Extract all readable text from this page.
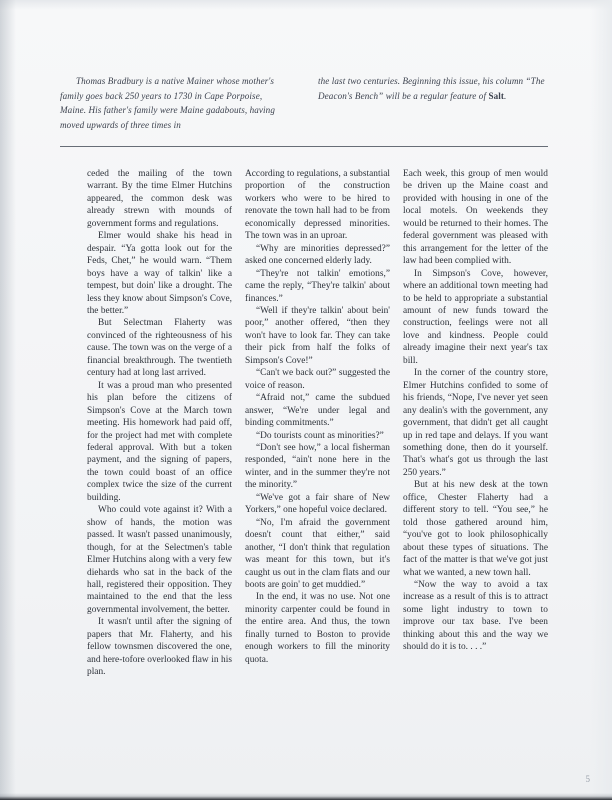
Thomas Bradbury is a native Mainer whose mother's family goes back 250 years to 1730 in Cape Porpoise, Maine. His father's family were Maine gadabouts, having moved upwards of three times in
the last two centuries. Beginning this issue, his column “The Deacon's Bench” will be a regular feature of Salt.

ceded the mailing of the town warrant. By the time Elmer Hutchins appeared, the common desk was already strewn with mounds of government forms and regulations.

Elmer would shake his head in despair. “Ya gotta look out for the Feds, Chet,” he would warn. “Them boys have a way of talkin' like a tempest, but doin' like a drought. The less they know about Simpson's Cove, the better.”

But Selectman Flaherty was convinced of the righteousness of his cause. The town was on the verge of a financial breakthrough. The twentieth century had at long last arrived.

It was a proud man who presented his plan before the citizens of Simpson's Cove at the March town meeting. His homework had paid off, for the project had met with complete federal approval. With but a token payment, and the signing of papers, the town could boast of an office complex twice the size of the current building.

Who could vote against it? With a show of hands, the motion was passed. It wasn't passed unanimously, though, for at the Selectmen's table Elmer Hutchins along with a very few diehards who sat in the back of the hall, registered their opposition. They maintained to the end that the less governmental involvement, the better.

It wasn't until after the signing of papers that Mr. Flaherty, and his fellow townsmen discovered the one, and here-tofore overlooked flaw in his plan.

According to regulations, a substantial proportion of the construction workers who were to be hired to renovate the town hall had to be from economically depressed minorities. The town was in an uproar.

“Why are minorities depressed?” asked one concerned elderly lady.

“They're not talkin' emotions,” came the reply, “They're talkin' about finances.”

“Well if they're talkin' about bein' poor,” another offered, “then they won't have to look far. They can take their pick from half the folks of Simpson's Cove!”

“Can't we back out?” suggested the voice of reason.

“Afraid not,” came the subdued answer, “We're under legal and binding commitments.”

“Do tourists count as minorities?”

“Don't see how,” a local fisherman responded, “ain't none here in the winter, and in the summer they're not the minority.”

“We've got a fair share of New Yorkers,” one hopeful voice declared.

“No, I'm afraid the government doesn't count that either,” said another, “I don't think that regulation was meant for this town, but it's caught us out in the clam flats and our boots are goin' to get muddied.”

In the end, it was no use. Not one minority carpenter could be found in the entire area. And thus, the town finally turned to Boston to provide enough workers to fill the minority quota.

Each week, this group of men would be driven up the Maine coast and provided with housing in one of the local motels. On weekends they would be returned to their homes. The federal government was pleased with this arrangement for the letter of the law had been complied with.

In Simpson's Cove, however, where an additional town meeting had to be held to appropriate a substantial amount of new funds toward the construction, feelings were not all love and kindness. People could already imagine their next year's tax bill.

In the corner of the country store, Elmer Hutchins confided to some of his friends, “Nope, I've never yet seen any dealin's with the government, any government, that didn't get all caught up in red tape and delays. If you want something done, then do it yourself. That's what's got us through the last 250 years.”

But at his new desk at the town office, Chester Flaherty had a different story to tell. “You see,” he told those gathered around him, “you've got to look philosophically about these types of situations. The fact of the matter is that we've got just what we wanted, a new town hall.

“Now the way to avoid a tax increase as a result of this is to attract some light industry to town to improve our tax base. I've been thinking about this and the way we should do it is to. . . .”

5
